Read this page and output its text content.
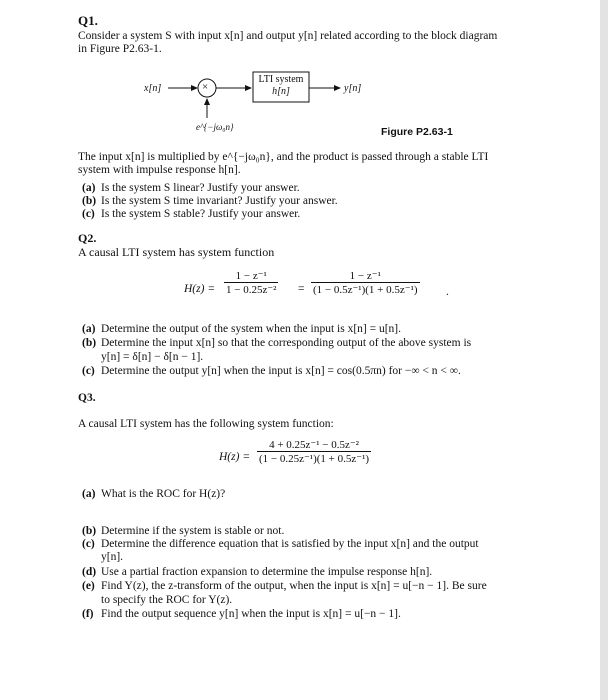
Q1.
Consider a system S with input x[n] and output y[n] related according to the block diagram
in Figure P2.63-1.
x[n]	×
LTI system
h[n]	y[n]
e^{−jω₀n}	Figure P2.63-1
The input x[n] is multiplied by e^{−jω₀n}, and the product is passed through a stable LTI
system with impulse response h[n].
(a) Is the system S linear? Justify your answer.
(b) Is the system S time invariant? Justify your answer.
(c) Is the system S stable? Justify your answer.
Q2.
A causal LTI system has system function
$H(z) = \frac{\text{1 − z⁻¹}}{\text{1 − 0.25z⁻²}} = \frac{\text{1 − z⁻¹}}{\text{(1 − 0.5z⁻¹)(1 + 0.5z⁻¹)}}$ .
(a) Determine the output of the system when the input is x[n] = u[n].
(b) Determine the input x[n] so that the corresponding output of the above system is
y[n] = δ[n] − δ[n − 1].
(c) Determine the output y[n] when the input is x[n] = cos(0.5πn) for −∞ < n < ∞.
Q3.
A causal LTI system has the following system function:
$H(z) = \frac{\text{4 + 0.25z⁻¹ − 0.5z⁻²}}{\text{(1 − 0.25z⁻¹)(1 + 0.5z⁻¹)}}$
(a) What is the ROC for H(z)?
(b) Determine if the system is stable or not.
(c) Determine the difference equation that is satisfied by the input x[n] and the output
y[n].
(d) Use a partial fraction expansion to determine the impulse response h[n].
(e) Find Y(z), the z-transform of the output, when the input is x[n] = u[−n − 1]. Be sure
to specify the ROC for Y(z).
(f) Find the output sequence y[n] when the input is x[n] = u[−n − 1].
